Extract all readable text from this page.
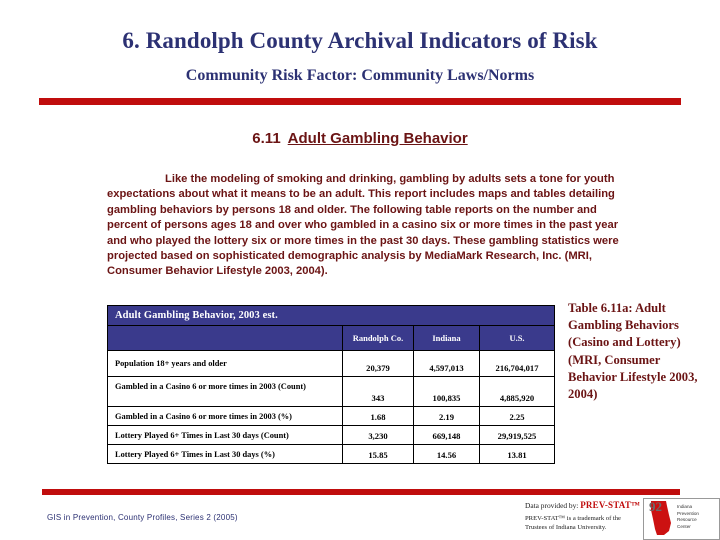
6. Randolph County Archival Indicators of Risk
Community Risk Factor: Community Laws/Norms
6.11 Adult Gambling Behavior
Like the modeling of smoking and drinking, gambling by adults sets a tone for youth expectations about what it means to be an adult. This report includes maps and tables detailing gambling behaviors by persons 18 and older. The following table reports on the number and percent of persons ages 18 and over who gambled in a casino six or more times in the past year and who played the lottery six or more times in the past 30 days. These gambling statistics were projected based on sophisticated demographic analysis by MediaMark Research, Inc. (MRI, Consumer Behavior Lifestyle 2003, 2004).
Adult Gambling Behavior, 2003 est.			
	Randolph Co.	Indiana	U.S.
Population 18+ years and older	20,379	4,597,013	216,704,017
Gambled in a Casino 6 or more times in 2003 (Count)	343	100,835	4,885,920
Gambled in a Casino 6 or more times in 2003 (%)	1.68	2.19	2.25
Lottery Played 6+ Times in Last 30 days (Count)	3,230	669,148	29,919,525
Lottery Played 6+ Times in Last 30 days (%)	15.85	14.56	13.81
Table 6.11a: Adult Gambling Behaviors (Casino and Lottery) (MRI, Consumer Behavior Lifestyle 2003, 2004)
GIS in Prevention, County Profiles, Series 2 (2005)
Data provided by: PREV-STAT™
PREV-STAT™ is a trademark of the Trustees of Indiana University.
92	Indiana
Prevention
Resource
Center
